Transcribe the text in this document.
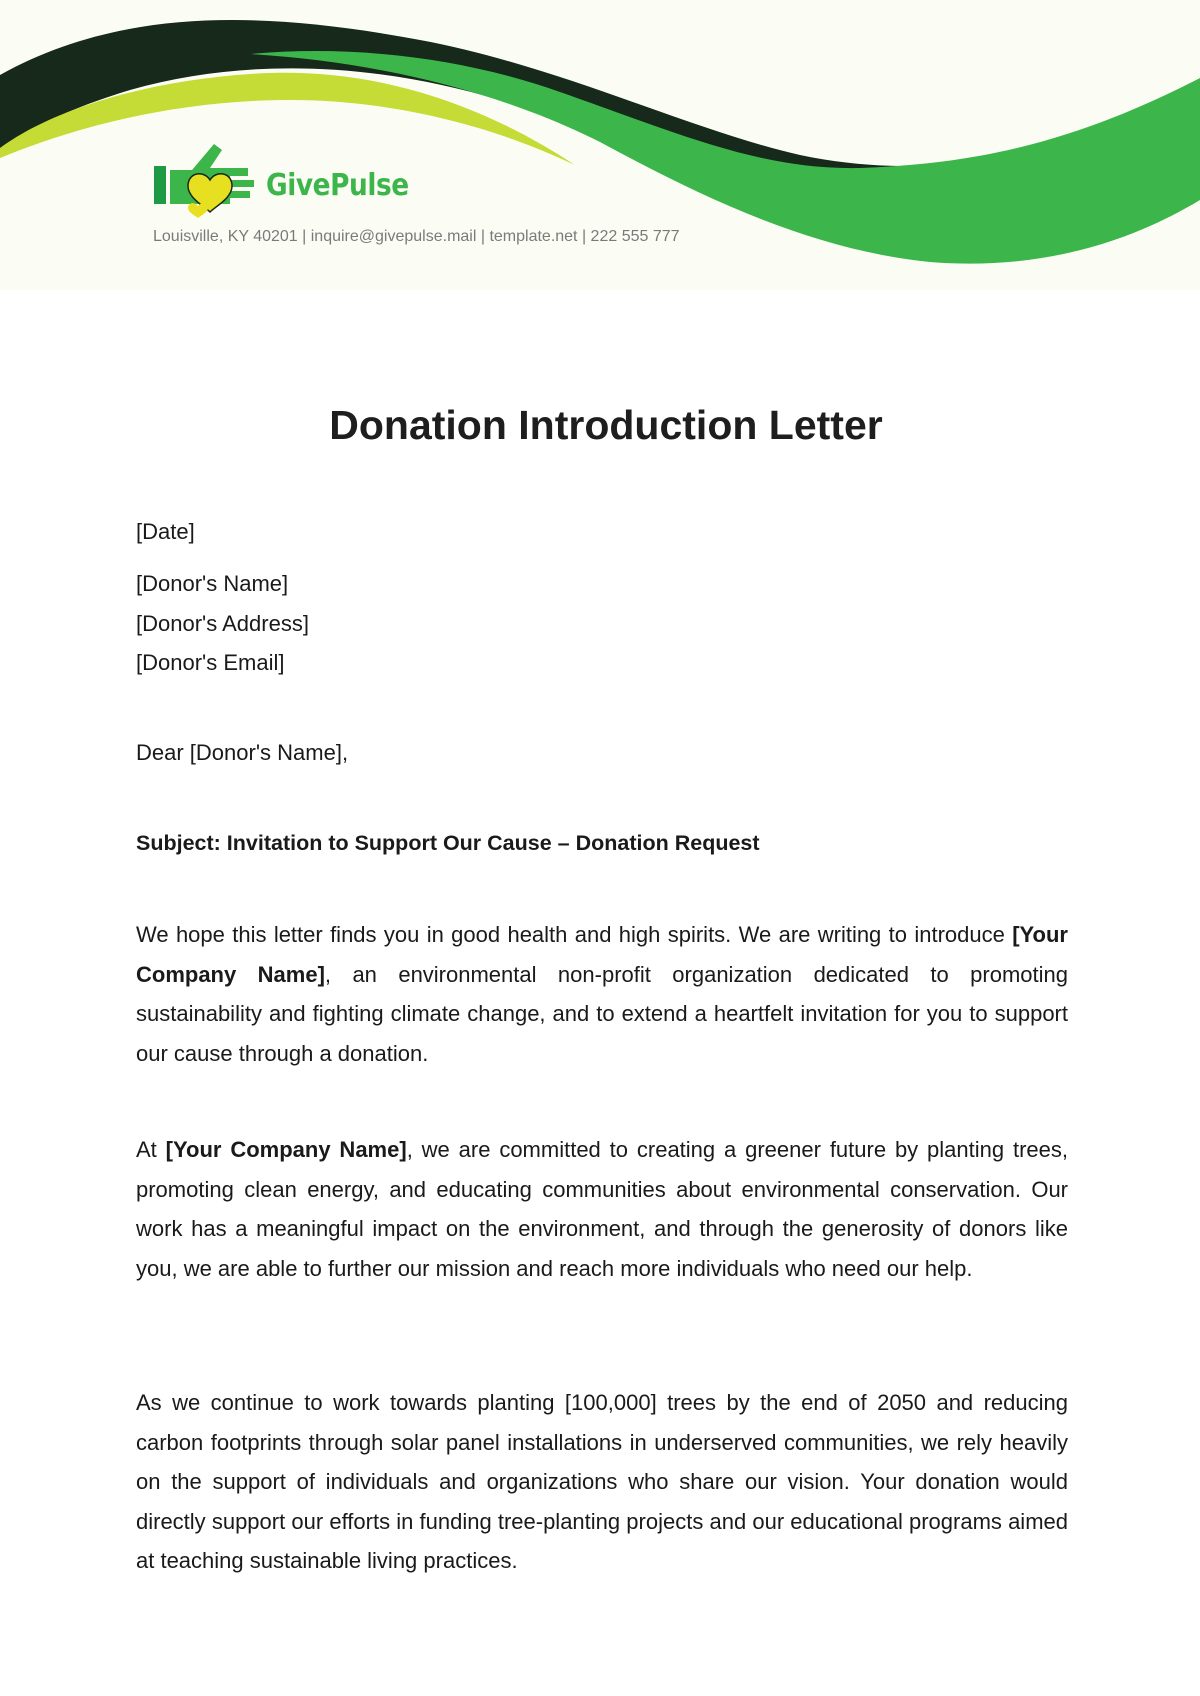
GivePulse
Louisville, KY 40201 | inquire@givepulse.mail | template.net | 222 555 777
Donation Introduction Letter
[Date]
[Donor's Name]
[Donor's Address]
[Donor's Email]
Dear [Donor's Name],
Subject: Invitation to Support Our Cause – Donation Request

We hope this letter finds you in good health and high spirits. We are writing to introduce [Your Company Name], an environmental non-profit organization dedicated to promoting sustainability and fighting climate change, and to extend a heartfelt invitation for you to support our cause through a donation.

At [Your Company Name], we are committed to creating a greener future by planting trees, promoting clean energy, and educating communities about environmental conservation. Our work has a meaningful impact on the environment, and through the generosity of donors like you, we are able to further our mission and reach more individuals who need our help.

As we continue to work towards planting [100,000] trees by the end of 2050 and reducing carbon footprints through solar panel installations in underserved communities, we rely heavily on the support of individuals and organizations who share our vision. Your donation would directly support our efforts in funding tree-planting projects and our educational programs aimed at teaching sustainable living practices.
